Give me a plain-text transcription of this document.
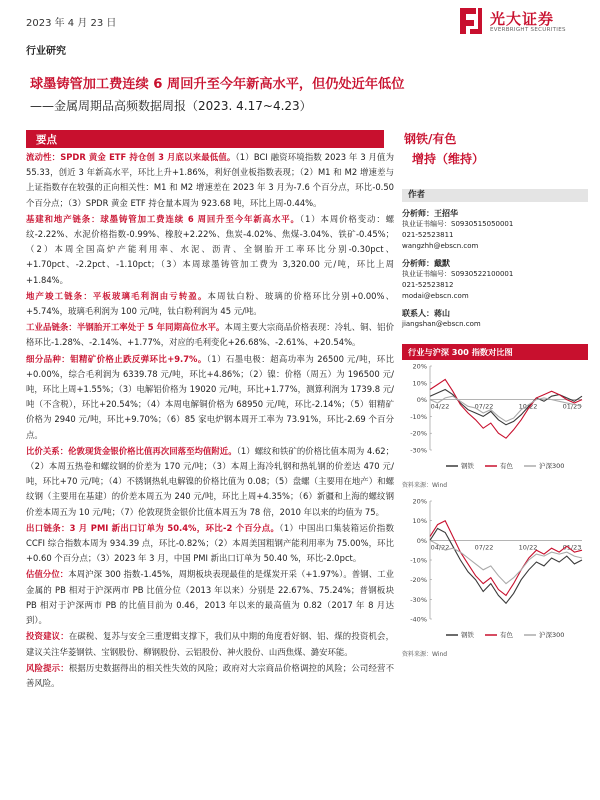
2023 年 4 月 23 日	光大证券
EVERBRIGHT SECURITIES
行业研究
球墨铸管加工费连续 6 周回升至今年新高水平，但仍处近年低位
——金属周期品高频数据周报（2023. 4.17~4.23）
要点

流动性：SPDR 黄金 ETF 持仓创 3 月底以来最低值。（1）BCI 融资环境指数 2023 年 3 月值为 55.33，创近 3 年新高水平，环比上升+1.86%，利好创业板指数表现；（2）M1 和 M2 增速差与上证指数存在较强的正向相关性：M1 和 M2 增速差在 2023 年 3 月为-7.6 个百分点，环比-0.50 个百分点；（3）SPDR 黄金 ETF 持仓量本周为 923.68 吨，环比上周-0.44%。

基建和地产链条：球墨铸管加工费连续 6 周回升至今年新高水平。（1）本周价格变动：螺纹-2.22%、水泥价格指数-0.99%、橡胶+2.22%、焦炭-4.02%、焦煤-3.04%、铁矿-0.45%；（2）本周全国高炉产能利用率、水泥、沥青、全钢胎开工率环比分别-0.30pct、+1.70pct、-2.2pct、-1.10pct；（3）本周球墨铸管加工费为 3,320.00 元/吨，环比上周+1.84%。

地产竣工链条：平板玻璃毛利润由亏转盈。本周钛白粉、玻璃的价格环比分别+0.00%、+5.74%，玻璃毛利润为 100 元/吨，钛白粉利润为 45 元/吨。

工业品链条：半钢胎开工率处于 5 年同期高位水平。本周主要大宗商品价格表现：冷轧、铜、铝价格环比-1.28%、-2.14%、+1.77%，对应的毛利变化+26.68%、-2.61%、+20.54%。

细分品种：钼精矿价格止跌反弹环比+9.7%。（1）石墨电极：超高功率为 26500 元/吨，环比+0.00%，综合毛利润为 6339.78 元/吨，环比+4.86%；（2）镍：价格（周五）为 196500 元/吨，环比上周+1.55%；（3）电解铝价格为 19020 元/吨，环比+1.77%，测算利润为 1739.8 元/吨（不含税），环比+20.54%；（4）本周电解铜价格为 68950 元/吨，环比-2.14%；（5）钼精矿价格为 2940 元/吨，环比+9.70%；（6）85 家电炉钢本周开工率为 73.91%，环比-2.69 个百分点。

比价关系：伦敦现货金银价格比值再次回落至均值附近。（1）螺纹和铁矿的价格比值本周为 4.62；（2）本周五热卷和螺纹钢的价差为 170 元/吨；（3）本周上海冷轧钢和热轧钢的价差达 470 元/吨，环比+70 元/吨；（4）不锈钢热轧电解镍的价格比值为 0.08；（5）盘螺（主要用在地产）和螺纹钢（主要用在基建）的价差本周五为 240 元/吨，环比上周+4.35%；（6）新疆和上海的螺纹钢价差本周五为 10 元/吨；（7）伦敦现货金银价比值本周五为 78 倍，2010 年以来的均值为 75。

出口链条：3 月 PMI 新出口订单为 50.4%，环比-2 个百分点。（1）中国出口集装箱运价指数 CCFI 综合指数本周为 934.39 点，环比-0.82%；（2）本周美国粗钢产能利用率为 75.00%，环比+0.60 个百分点；（3）2023 年 3 月，中国 PMI 新出口订单为 50.40 %，环比-2.0pct。

估值分位：本周沪深 300 指数-1.45%，周期板块表现最佳的是煤炭开采（+1.97%）。普钢、工业金属的 PB 相对于沪深两市 PB 比值分位（2013 年以来）分别是 22.67%、75.24%；普钢板块 PB 相对于沪深两市 PB 的比值目前为 0.46，2013 年以来的最高值为 0.82（2017 年 8 月达到）。

投资建议：在碳税、复苏与安全三重逻辑支撑下，我们从中期的角度看好钢、铝、煤的投资机会，建议关注华菱钢铁、宝钢股份、柳钢股份、云铝股份、神火股份、山西焦煤、潞安环能。

风险提示：根据历史数据得出的相关性失效的风险；政府对大宗商品价格调控的风险；公司经营不善风险。

钢铁/有色
增持（维持）
作者
分析师：王招华
执业证书编号：S0930515050001
021-52523811
wangzhh@ebscn.com
分析师：戴默
执业证书编号：S0930522100001
021-52523812
modai@ebscn.com
联系人：蒋山
jiangshan@ebscn.com
行业与沪深 300 指数对比图
20%
10%
0%
-10%
-20%
-30%
04/22	07/22	10/22	01/23
钢铁	有色	沪深300
资料来源：Wind
20%
10%
0%
-10%
-20%
-30%
-40%
04/22	07/22	10/22	01/23
钢铁	有色	沪深300
资料来源：Wind
